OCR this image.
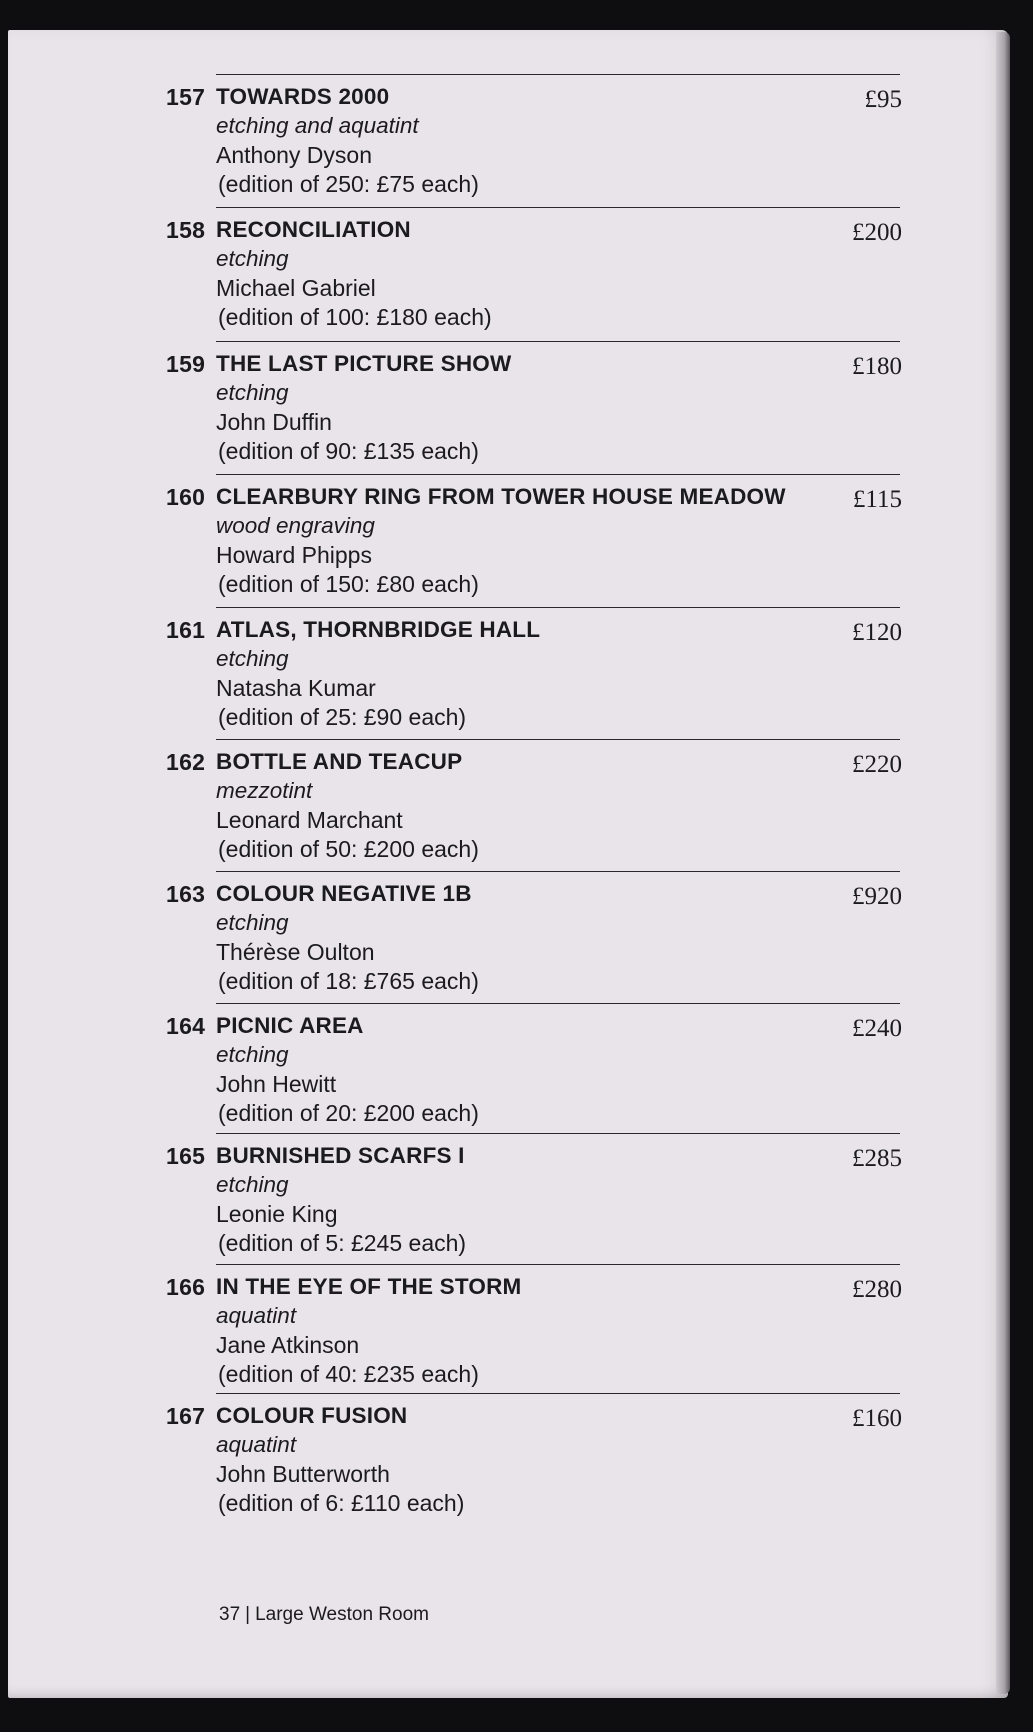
157 TOWARDS 2000
etching and aquatint
Anthony Dyson
(edition of 250: £75 each)
£95
158 RECONCILIATION
etching
Michael Gabriel
(edition of 100: £180 each)
£200
159 THE LAST PICTURE SHOW
etching
John Duffin
(edition of 90: £135 each)
£180
160 CLEARBURY RING FROM TOWER HOUSE MEADOW
wood engraving
Howard Phipps
(edition of 150: £80 each)
£115
161 ATLAS, THORNBRIDGE HALL
etching
Natasha Kumar
(edition of 25: £90 each)
£120
162 BOTTLE AND TEACUP
mezzotint
Leonard Marchant
(edition of 50: £200 each)
£220
163 COLOUR NEGATIVE 1B
etching
Thérèse Oulton
(edition of 18: £765 each)
£920
164 PICNIC AREA
etching
John Hewitt
(edition of 20: £200 each)
£240
165 BURNISHED SCARFS I
etching
Leonie King
(edition of 5: £245 each)
£285
166 IN THE EYE OF THE STORM
aquatint
Jane Atkinson
(edition of 40: £235 each)
£280
167 COLOUR FUSION
aquatint
John Butterworth
(edition of 6: £110 each)
£160
37 | Large Weston Room
